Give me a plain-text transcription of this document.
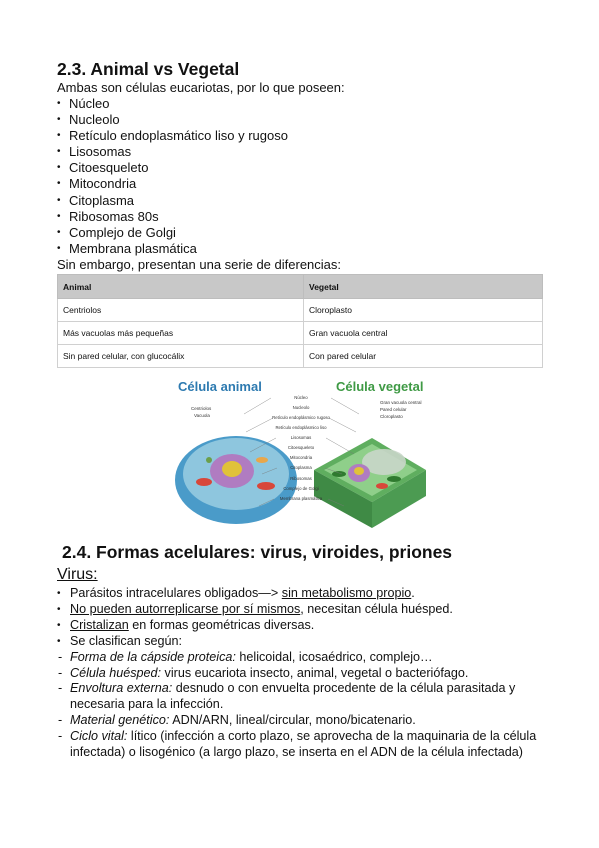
2.3. Animal vs Vegetal
Ambas son células eucariotas, por lo que poseen:
• Núcleo
• Nucleolo
• Retículo endoplasmático liso y rugoso
• Lisosomas
• Citoesqueleto
• Mitocondria
• Citoplasma
• Ribosomas 80s
• Complejo de Golgi
• Membrana plasmática
Sin embargo, presentan una serie de diferencias:
Animal	Vegetal
Centriolos	Cloroplasto
Más vacuolas más pequeñas	Gran vacuola central
Sin pared celular, con glucocálix	Con pared celular
Célula animal	Célula vegetal
Centriolos
Vacuola
Gran vacuola central
Pared celular
Cloroplasto
Núcleo
Nucleolo
Retículo endoplásmico rugoso
Retículo endoplásmico liso
Lisosomas
Citoesqueleto
Mitocondria
Citoplasma
Ribosomas
Complejo de Golgi
Membrana plasmática
2.4. Formas acelulares: virus, viroides, priones
Virus:
• Parásitos intracelulares obligados—> sin metabolismo propio.
• No pueden autorreplicarse por sí mismos, necesitan célula huésped.
• Cristalizan en formas geométricas diversas.
• Se clasifican según:
- Forma de la cápside proteica: helicoidal, icosaédrico, complejo…
- Célula huésped: virus eucariota insecto, animal, vegetal o bacteriófago.
- Envoltura externa: desnudo o con envuelta procedente de la célula parasitada y necesaria para la infección.
- Material genético: ADN/ARN, lineal/circular, mono/bicatenario.
- Ciclo vital: lítico (infección a corto plazo, se aprovecha de la maquinaria de la célula infectada) o lisogénico (a largo plazo, se inserta en el ADN de la célula infectada)
